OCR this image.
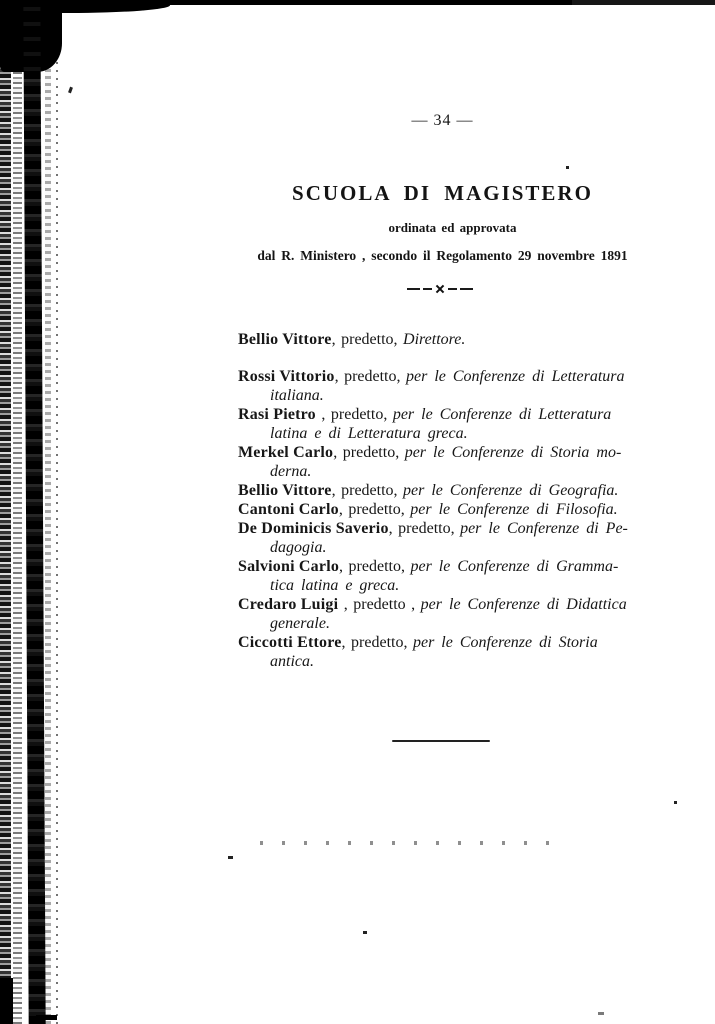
— 34 —
SCUOLA DI MAGISTERO
ordinata ed approvata
dal R. Ministero , secondo il Regolamento 29 novembre 1891
Bellio Vittore, predetto, Direttore.
Rossi Vittorio, predetto, per le Conferenze di Letteratura
italiana.
Rasi Pietro , predetto, per le Conferenze di Letteratura
latina e di Letteratura greca.
Merkel Carlo, predetto, per le Conferenze di Storia mo-
derna.
Bellio Vittore, predetto, per le Conferenze di Geografia.
Cantoni Carlo, predetto, per le Conferenze di Filosofia.
De Dominicis Saverio, predetto, per le Conferenze di Pe-
dagogia.
Salvioni Carlo, predetto, per le Conferenze di Gramma-
tica latina e greca.
Credaro Luigi , predetto , per le Conferenze di Didattica
generale.
Ciccotti Ettore, predetto, per le Conferenze di Storia
antica.
